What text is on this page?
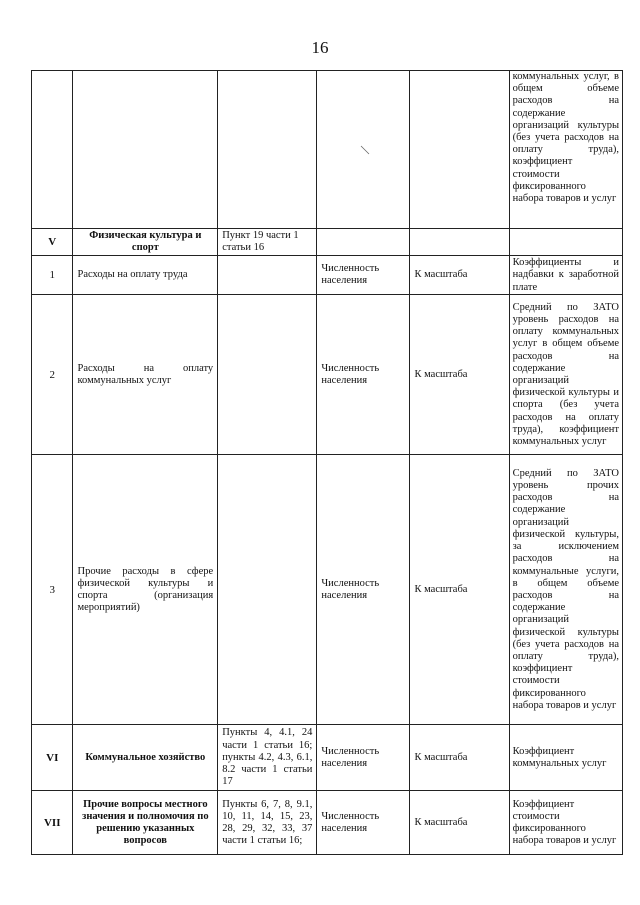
16
					коммунальных услуг, в общем объеме расходов на содержание организаций культуры (без учета расходов на оплату труда), коэффициент стоимости фиксированного набора товаров и услуг
V	Физическая культура и спорт	Пункт 19 части 1 статьи 16			
1	Расходы на оплату труда		Численность населения	К масштаба	Коэффициенты и надбавки к заработной плате
2	Расходы на оплату коммунальных услуг		Численность населения	К масштаба	Средний по ЗАТО уровень расходов на оплату коммунальных услуг в общем объеме расходов на содержание организаций физической культуры и спорта (без учета расходов на оплату труда), коэффициент коммунальных услуг
3	Прочие расходы в сфере физической культуры и спорта (организация мероприятий)		Численность населения	К масштаба	Средний по ЗАТО уровень прочих расходов на содержание организаций физической культуры, за исключением расходов на коммунальные услуги, в общем объеме расходов на содержание организаций физической культуры (без учета расходов на оплату труда), коэффициент стоимости фиксированного набора товаров и услуг
VI	Коммунальное хозяйство	Пункты 4, 4.1, 24 части 1 статьи 16; пункты 4.2, 4.3, 6.1, 8.2 части 1 статьи 17	Численность населения	К масштаба	Коэффициент коммунальных услуг
VII	Прочие вопросы местного значения и полномочия по решению указанных вопросов	Пункты 6, 7, 8, 9.1, 10, 11, 14, 15, 23, 28, 29, 32, 33, 37 части 1 статьи 16;	Численность населения	К масштаба	Коэффициент стоимости фиксированного набора товаров и услуг
